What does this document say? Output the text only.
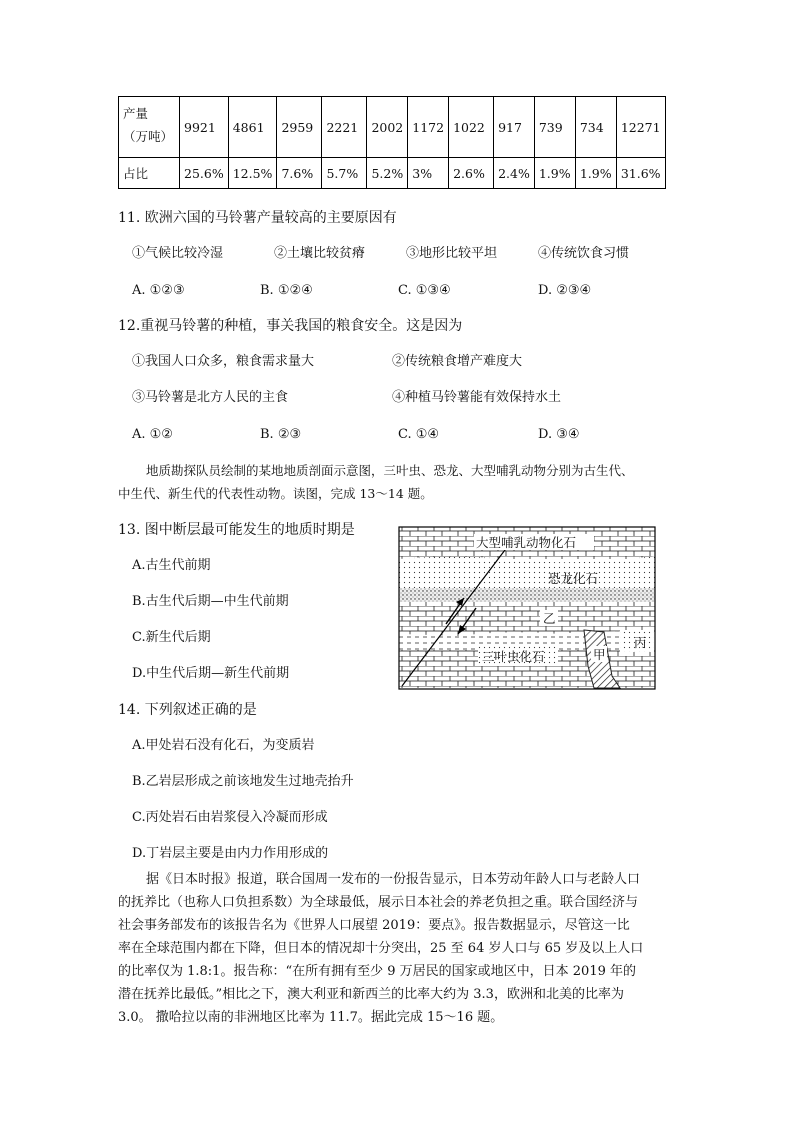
产量
（万吨）	9921	4861	2959	2221	2002	1172	1022	917	739	734	12271
占比	25.6%	12.5%	7.6%	5.7%	5.2%	3%	2.6%	2.4%	1.9%	1.9%	31.6%
11. 欧洲六国的马铃薯产量较高的主要原因有
①气候比较冷湿	②土壤比较贫瘠	③地形比较平坦	④传统饮食习惯
A. ①②③	B. ①②④	C. ①③④	D. ②③④
12.重视马铃薯的种植，事关我国的粮食安全。这是因为
①我国人口众多，粮食需求量大	②传统粮食增产难度大
③马铃薯是北方人民的主食	④种植马铃薯能有效保持水土
A. ①②	B. ②③	C. ①④	D. ③④
地质勘探队员绘制的某地地质剖面示意图，三叶虫、恐龙、大型哺乳动物分别为古生代、
中生代、新生代的代表性动物。读图，完成 13～14 题。
13. 图中断层最可能发生的地质时期是
A.古生代前期
B.古生代后期—中生代前期
C.新生代后期
D.中生代后期—新生代前期
大型哺乳动物化石
恐龙化石
乙
三叶虫化石	甲
丙
14. 下列叙述正确的是
A.甲处岩石没有化石，为变质岩
B.乙岩层形成之前该地发生过地壳抬升
C.丙处岩石由岩浆侵入冷凝而形成
D.丁岩层主要是由内力作用形成的
据《日本时报》报道，联合国周一发布的一份报告显示，日本劳动年龄人口与老龄人口
的抚养比（也称人口负担系数）为全球最低，展示日本社会的养老负担之重。联合国经济与
社会事务部发布的该报告名为《世界人口展望 2019：要点》。报告数据显示，尽管这一比
率在全球范围内都在下降，但日本的情况却十分突出，25 至 64 岁人口与 65 岁及以上人口
的比率仅为 1.8:1。报告称：“在所有拥有至少 9 万居民的国家或地区中，日本 2019 年的
潜在抚养比最低。”相比之下，澳大利亚和新西兰的比率大约为 3.3，欧洲和北美的比率为
3.0。 撒哈拉以南的非洲地区比率为 11.7。据此完成 15～16 题。
